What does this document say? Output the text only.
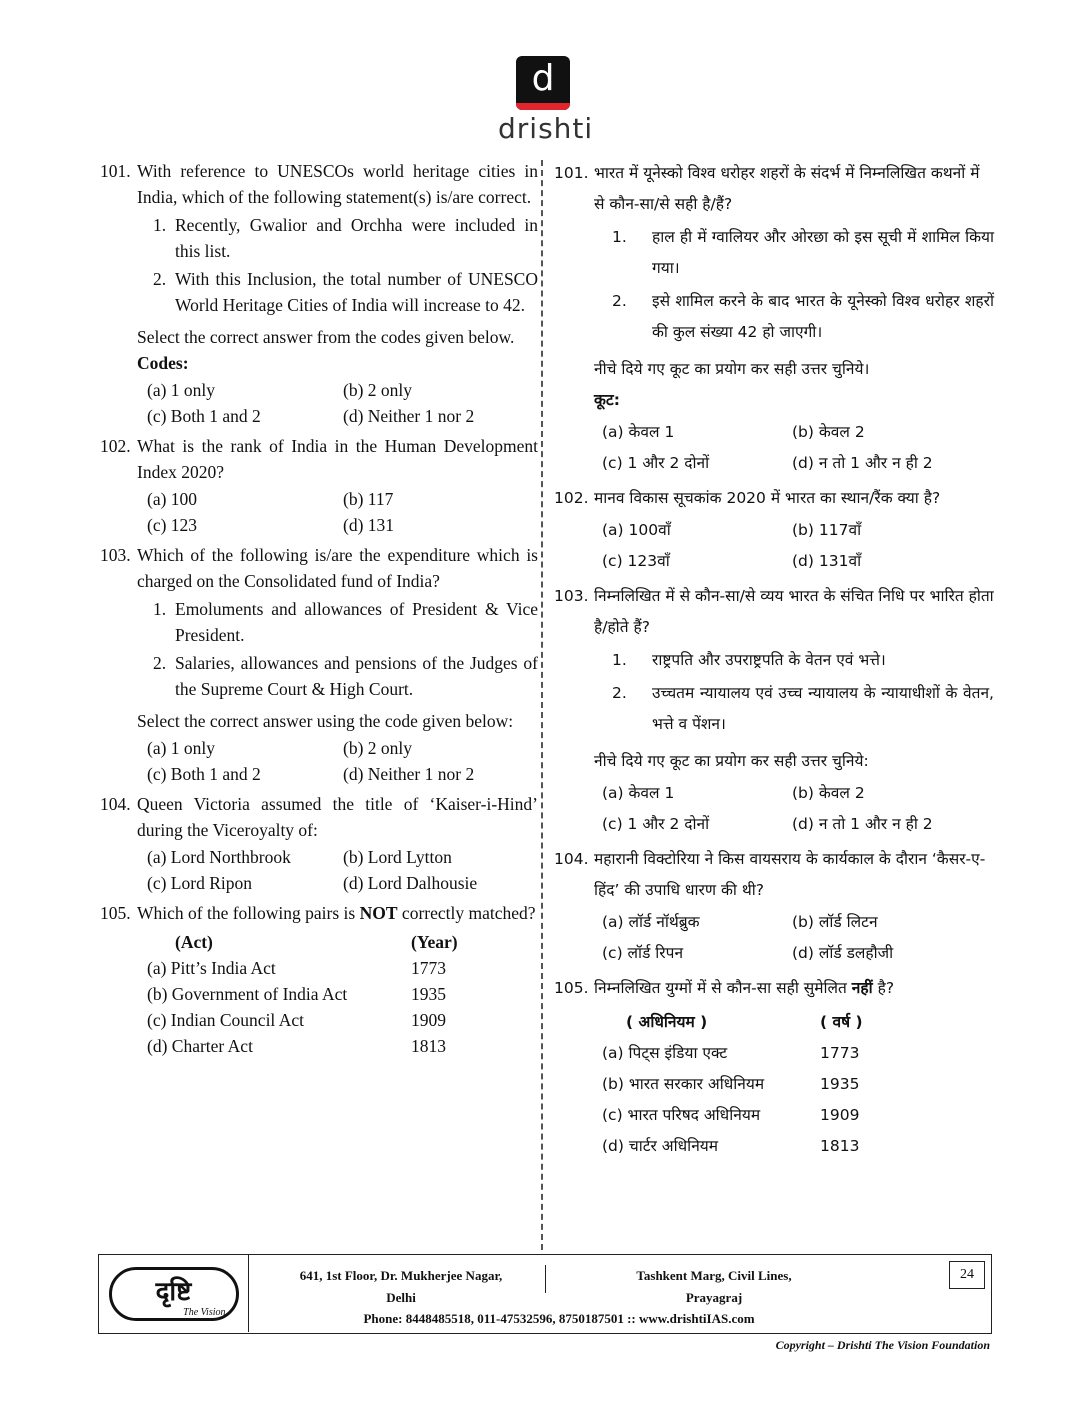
d
drishti
101. With reference to UNESCOs world heritage cities in India, which of the following statement(s) is/are correct.
1. Recently, Gwalior and Orchha were included in this list.
2. With this Inclusion, the total number of UNESCO World Heritage Cities of India will increase to 42.
Select the correct answer from the codes given below.
Codes:
(a) 1 only	(b) 2 only
(c) Both 1 and 2	(d) Neither 1 nor 2
102. What is the rank of India in the Human Development Index 2020?
(a) 100	(b) 117
(c) 123	(d) 131
103. Which of the following is/are the expenditure which is charged on the Consolidated fund of India?
1. Emoluments and allowances of President & Vice President.
2. Salaries, allowances and pensions of the Judges of the Supreme Court & High Court.
Select the correct answer using the code given below:
(a) 1 only	(b) 2 only
(c) Both 1 and 2	(d) Neither 1 nor 2
104. Queen Victoria assumed the title of ‘Kaiser-i-Hind’ during the Viceroyalty of:
(a) Lord Northbrook	(b) Lord Lytton
(c) Lord Ripon	(d) Lord Dalhousie
105. Which of the following pairs is NOT correctly matched?
(Act)	(Year)
(a) Pitt’s India Act	1773
(b) Government of India Act	1935
(c) Indian Council Act	1909
(d) Charter Act	1813
101. भारत में यूनेस्को विश्व धरोहर शहरों के संदर्भ में निम्नलिखित कथनों में से कौन-सा/से सही है/हैं?
1. हाल ही में ग्वालियर और ओरछा को इस सूची में शामिल किया गया।
2. इसे शामिल करने के बाद भारत के यूनेस्को विश्व धरोहर शहरों की कुल संख्या 42 हो जाएगी।
नीचे दिये गए कूट का प्रयोग कर सही उत्तर चुनिये।
कूट:
(a) केवल 1	(b) केवल 2
(c) 1 और 2 दोनों	(d) न तो 1 और न ही 2
102. मानव विकास सूचकांक 2020 में भारत का स्थान/रैंक क्या है?
(a) 100वाँ	(b) 117वाँ
(c) 123वाँ	(d) 131वाँ
103. निम्नलिखित में से कौन-सा/से व्यय भारत के संचित निधि पर भारित होता है/होते हैं?
1. राष्ट्रपति और उपराष्ट्रपति के वेतन एवं भत्ते।
2. उच्चतम न्यायालय एवं उच्च न्यायालय के न्यायाधीशों के वेतन, भत्ते व पेंशन।
नीचे दिये गए कूट का प्रयोग कर सही उत्तर चुनिये:
(a) केवल 1	(b) केवल 2
(c) 1 और 2 दोनों	(d) न तो 1 और न ही 2
104. महारानी विक्टोरिया ने किस वायसराय के कार्यकाल के दौरान ‘कैसर-ए-हिंद’ की उपाधि धारण की थी?
(a) लॉर्ड नॉर्थब्रुक	(b) लॉर्ड लिटन
(c) लॉर्ड रिपन	(d) लॉर्ड डलहौजी
105. निम्नलिखित युग्मों में से कौन-सा सही सुमेलित नहीं है?
( अधिनियम )	( वर्ष )
(a) पिट्स इंडिया एक्ट	1773
(b) भारत सरकार अधिनियम	1935
(c) भारत परिषद अधिनियम	1909
(d) चार्टर अधिनियम	1813
दृष्टि
The Vision
641, 1st Floor, Dr. Mukherjee Nagar,
Delhi
Tashkent Marg, Civil Lines,
Prayagraj
Phone: 8448485518, 011-47532596, 8750187501 :: www.drishtiIAS.com
24
Copyright – Drishti The Vision Foundation
